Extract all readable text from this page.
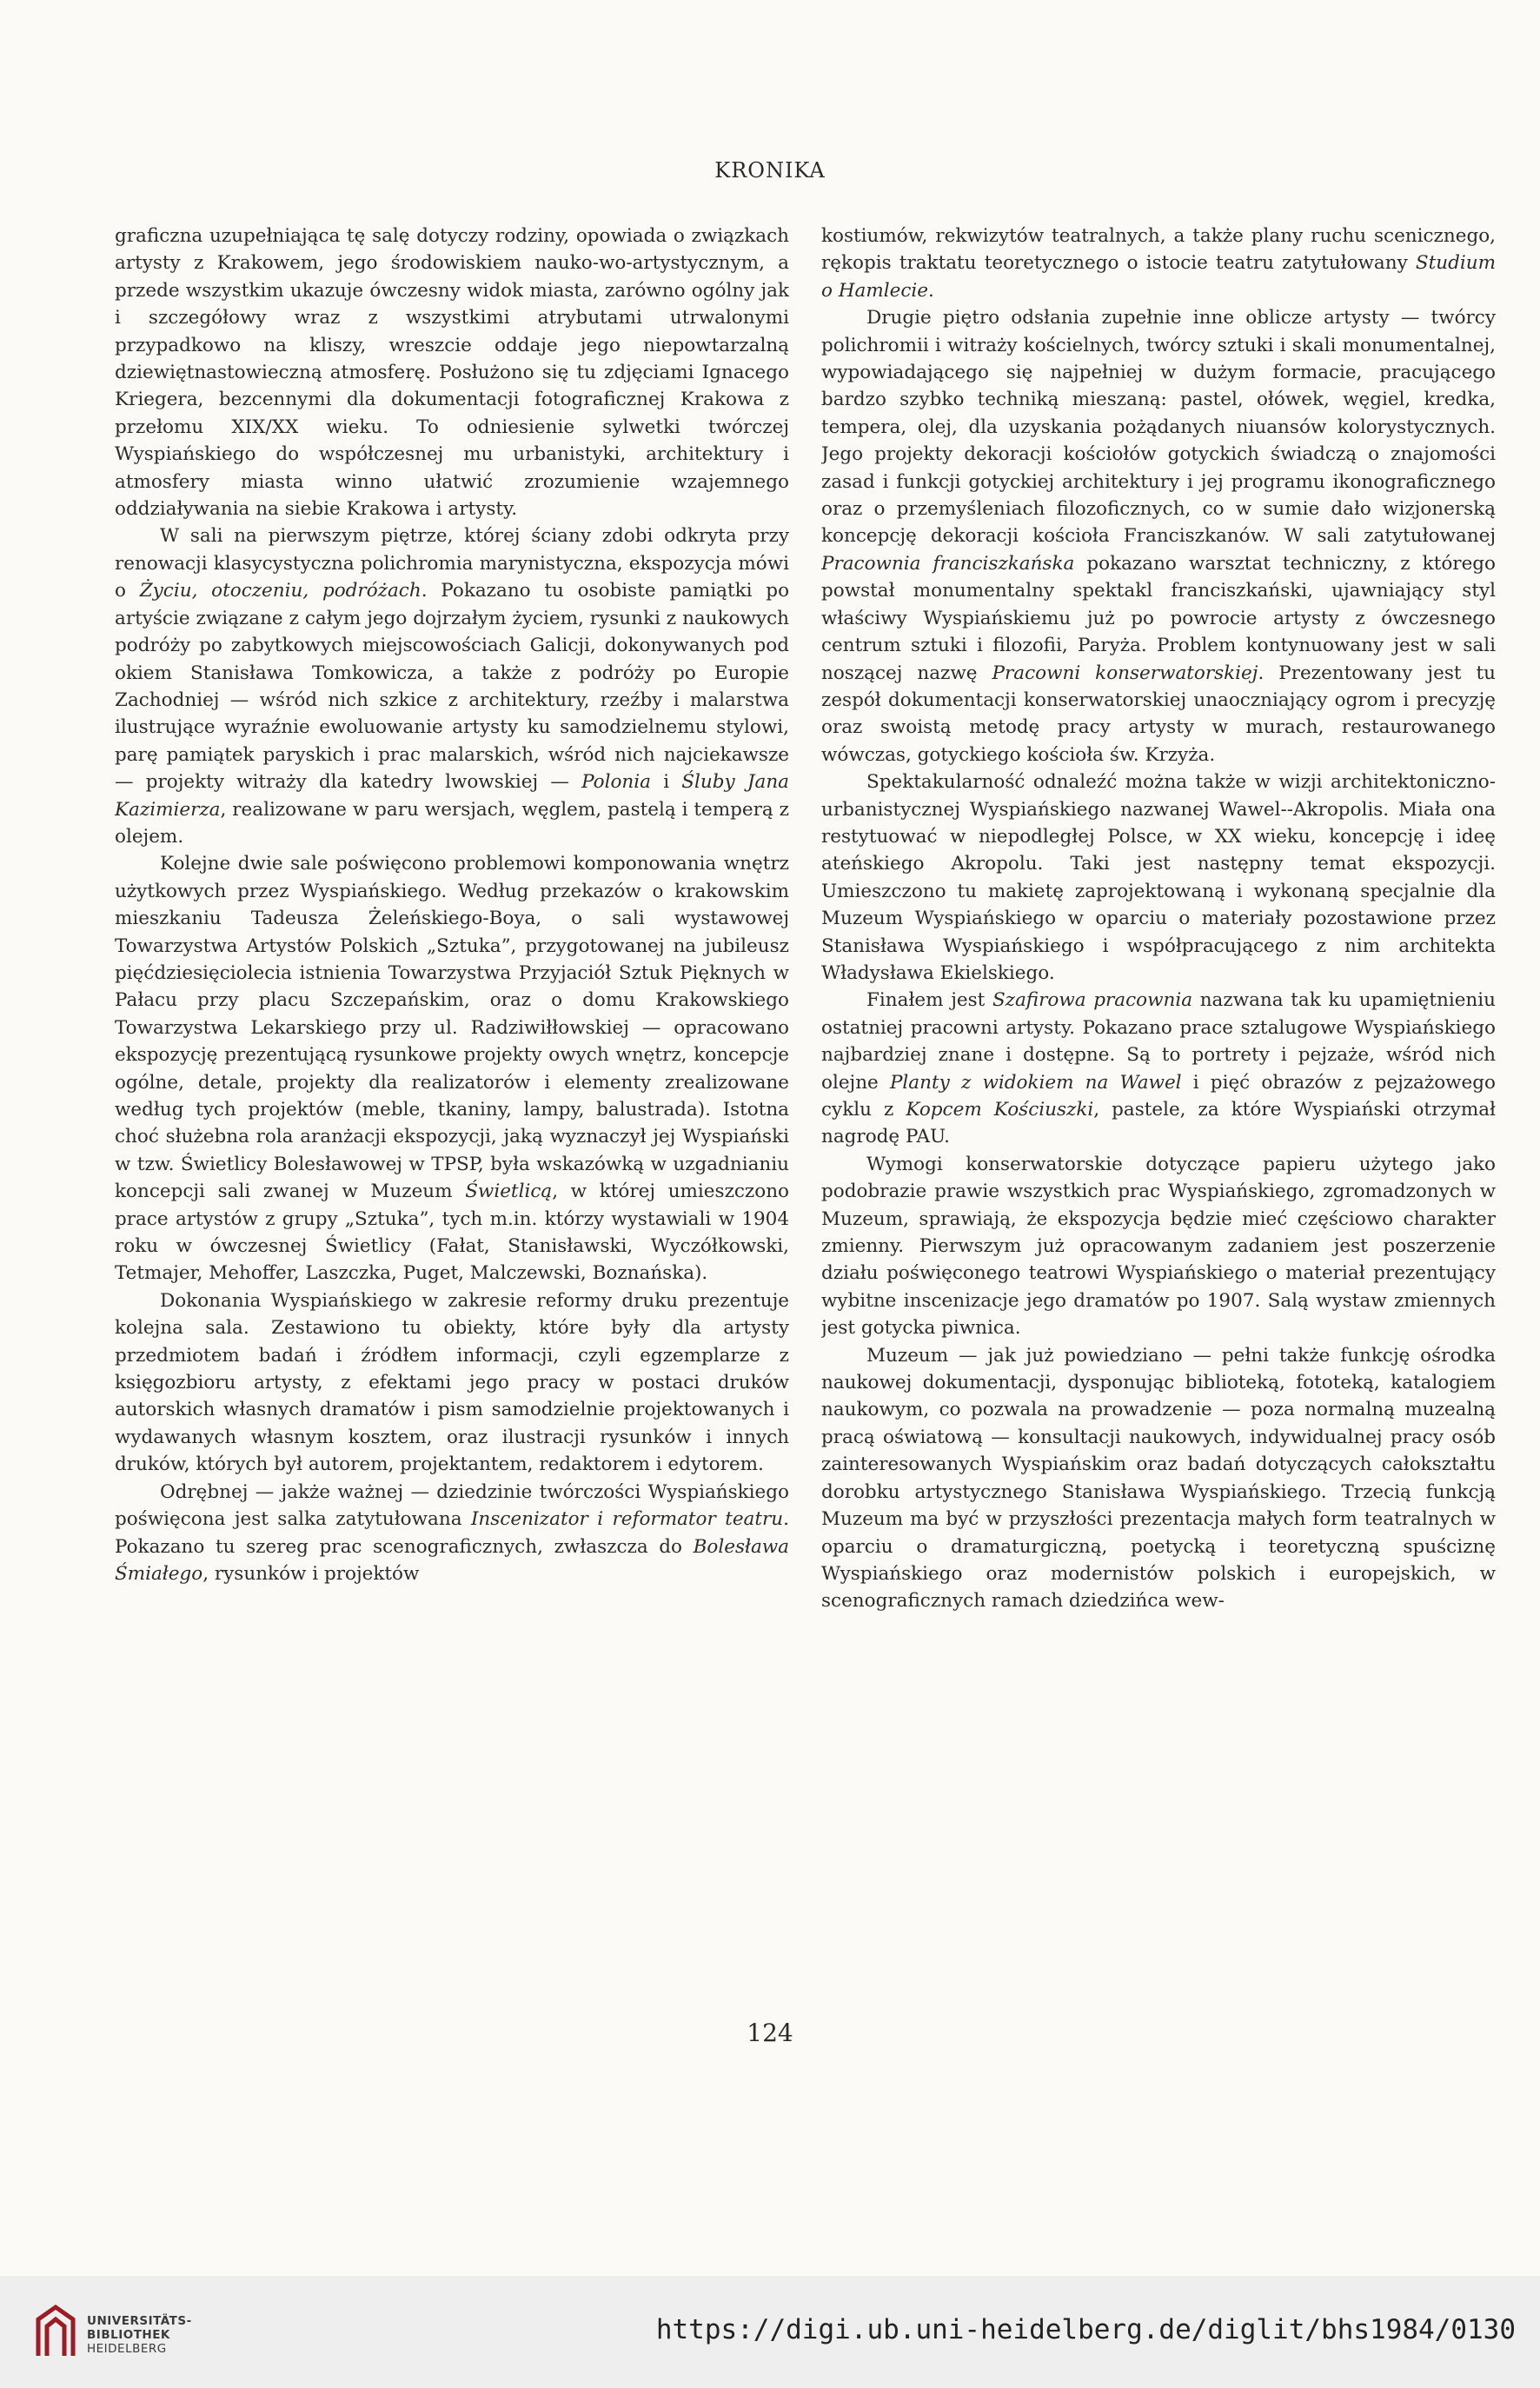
KRONIKA

graficzna uzupełniająca tę salę dotyczy rodziny, opowiada o związkach artysty z Krakowem, jego środowiskiem nauko-wo-artystycznym, a przede wszystkim ukazuje ówczesny widok miasta, zarówno ogólny jak i szczegółowy wraz z wszystkimi atrybutami utrwalonymi przypadkowo na kliszy, wreszcie oddaje jego niepowtarzalną dziewiętnastowieczną atmosferę. Posłużono się tu zdjęciami Ignacego Kriegera, bezcennymi dla dokumentacji fotograficznej Krakowa z przełomu XIX/XX wieku. To odniesienie sylwetki twórczej Wyspiańskiego do współczesnej mu urbanistyki, architektury i atmosfery miasta winno ułatwić zrozumienie wzajemnego oddziaływania na siebie Krakowa i artysty.

W sali na pierwszym piętrze, której ściany zdobi odkryta przy renowacji klasycystyczna polichromia marynistyczna, ekspozycja mówi o Życiu, otoczeniu, podróżach. Pokazano tu osobiste pamiątki po artyście związane z całym jego dojrzałym życiem, rysunki z naukowych podróży po zabytkowych miejscowościach Galicji, dokonywanych pod okiem Stanisława Tomkowicza, a także z podróży po Europie Zachodniej — wśród nich szkice z architektury, rzeźby i malarstwa ilustrujące wyraźnie ewoluowanie artysty ku samodzielnemu stylowi, parę pamiątek paryskich i prac malarskich, wśród nich najciekawsze — projekty witraży dla katedry lwowskiej — Polonia i Śluby Jana Kazimierza, realizowane w paru wersjach, węglem, pastelą i temperą z olejem.

Kolejne dwie sale poświęcono problemowi komponowania wnętrz użytkowych przez Wyspiańskiego. Według przekazów o krakowskim mieszkaniu Tadeusza Żeleńskiego-Boya, o sali wystawowej Towarzystwa Artystów Polskich „Sztuka”, przygotowanej na jubileusz pięćdziesięciolecia istnienia Towarzystwa Przyjaciół Sztuk Pięknych w Pałacu przy placu Szczepańskim, oraz o domu Krakowskiego Towarzystwa Lekarskiego przy ul. Radziwiłłowskiej — opracowano ekspozycję prezentującą rysunkowe projekty owych wnętrz, koncepcje ogólne, detale, projekty dla realizatorów i elementy zrealizowane według tych projektów (meble, tkaniny, lampy, balustrada). Istotna choć służebna rola aranżacji ekspozycji, jaką wyznaczył jej Wyspiański w tzw. Świetlicy Bolesławowej w TPSP, była wskazówką w uzgadnianiu koncepcji sali zwanej w Muzeum Świetlicą, w której umieszczono prace artystów z grupy „Sztuka”, tych m.in. którzy wystawiali w 1904 roku w ówczesnej Świetlicy (Fałat, Stanisławski, Wyczółkowski, Tetmajer, Mehoffer, Laszczka, Puget, Malczewski, Boznańska).

Dokonania Wyspiańskiego w zakresie reformy druku prezentuje kolejna sala. Zestawiono tu obiekty, które były dla artysty przedmiotem badań i źródłem informacji, czyli egzemplarze z księgozbioru artysty, z efektami jego pracy w postaci druków autorskich własnych dramatów i pism samodzielnie projektowanych i wydawanych własnym kosztem, oraz ilustracji rysunków i innych druków, których był autorem, projektantem, redaktorem i edytorem.

Odrębnej — jakże ważnej — dziedzinie twórczości Wyspiańskiego poświęcona jest salka zatytułowana Inscenizator i reformator teatru. Pokazano tu szereg prac scenograficznych, zwłaszcza do Bolesława Śmiałego, rysunków i projektów

kostiumów, rekwizytów teatralnych, a także plany ruchu scenicznego, rękopis traktatu teoretycznego o istocie teatru zatytułowany Studium o Hamlecie.

Drugie piętro odsłania zupełnie inne oblicze artysty — twórcy polichromii i witraży kościelnych, twórcy sztuki i skali monumentalnej, wypowiadającego się najpełniej w dużym formacie, pracującego bardzo szybko techniką mieszaną: pastel, ołówek, węgiel, kredka, tempera, olej, dla uzyskania pożądanych niuansów kolorystycznych. Jego projekty dekoracji kościołów gotyckich świadczą o znajomości zasad i funkcji gotyckiej architektury i jej programu ikonograficznego oraz o przemyśleniach filozoficznych, co w sumie dało wizjonerską koncepcję dekoracji kościoła Franciszkanów. W sali zatytułowanej Pracownia franciszkańska pokazano warsztat techniczny, z którego powstał monumentalny spektakl franciszkański, ujawniający styl właściwy Wyspiańskiemu już po powrocie artysty z ówczesnego centrum sztuki i filozofii, Paryża. Problem kontynuowany jest w sali noszącej nazwę Pracowni konserwatorskiej. Prezentowany jest tu zespół dokumentacji konserwatorskiej unaoczniający ogrom i precyzję oraz swoistą metodę pracy artysty w murach, restaurowanego wówczas, gotyckiego kościoła św. Krzyża.

Spektakularność odnaleźć można także w wizji architektoniczno-urbanistycznej Wyspiańskiego nazwanej Wawel--Akropolis. Miała ona restytuować w niepodległej Polsce, w XX wieku, koncepcję i ideę ateńskiego Akropolu. Taki jest następny temat ekspozycji. Umieszczono tu makietę zaprojektowaną i wykonaną specjalnie dla Muzeum Wyspiańskiego w oparciu o materiały pozostawione przez Stanisława Wyspiańskiego i współpracującego z nim architekta Władysława Ekielskiego.

Finałem jest Szafirowa pracownia nazwana tak ku upamiętnieniu ostatniej pracowni artysty. Pokazano prace sztalugowe Wyspiańskiego najbardziej znane i dostępne. Są to portrety i pejzaże, wśród nich olejne Planty z widokiem na Wawel i pięć obrazów z pejzażowego cyklu z Kopcem Kościuszki, pastele, za które Wyspiański otrzymał nagrodę PAU.

Wymogi konserwatorskie dotyczące papieru użytego jako podobrazie prawie wszystkich prac Wyspiańskiego, zgromadzonych w Muzeum, sprawiają, że ekspozycja będzie mieć częściowo charakter zmienny. Pierwszym już opracowanym zadaniem jest poszerzenie działu poświęconego teatrowi Wyspiańskiego o materiał prezentujący wybitne inscenizacje jego dramatów po 1907. Salą wystaw zmiennych jest gotycka piwnica.

Muzeum — jak już powiedziano — pełni także funkcję ośrodka naukowej dokumentacji, dysponując biblioteką, fototeką, katalogiem naukowym, co pozwala na prowadzenie — poza normalną muzealną pracą oświatową — konsultacji naukowych, indywidualnej pracy osób zainteresowanych Wyspiańskim oraz badań dotyczących całokształtu dorobku artystycznego Stanisława Wyspiańskiego. Trzecią funkcją Muzeum ma być w przyszłości prezentacja małych form teatralnych w oparciu o dramaturgiczną, poetycką i teoretyczną spuściznę Wyspiańskiego oraz modernistów polskich i europejskich, w scenograficznych ramach dziedzińca wew-

124
UNIVERSITÄTS-
BIBLIOTHEK
HEIDELBERG
https://digi.ub.uni-heidelberg.de/diglit/bhs1984/0130
